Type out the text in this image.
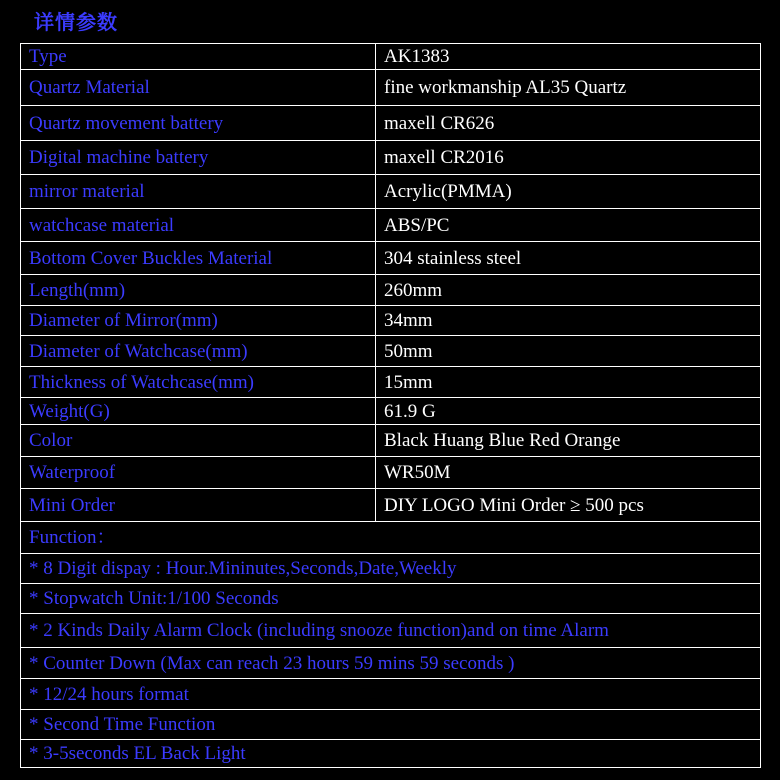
详情参数
Type	AK1383
Quartz Material	fine workmanship AL35 Quartz
Quartz movement battery	maxell CR626
Digital machine battery	maxell CR2016
mirror material	Acrylic(PMMA)
watchcase material	ABS/PC
Bottom Cover Buckles Material	304 stainless steel
Length(mm)	260mm
Diameter of Mirror(mm)	34mm
Diameter of Watchcase(mm)	50mm
Thickness of Watchcase(mm)	15mm
Weight(G)	61.9 G
Color	Black Huang Blue Red Orange
Waterproof	WR50M
Mini Order	DIY LOGO Mini Order ≥ 500 pcs
Function：	
* 8 Digit dispay : Hour.Mininutes,Seconds,Date,Weekly	
* Stopwatch Unit:1/100 Seconds	
* 2 Kinds Daily Alarm Clock (including snooze function)and on time Alarm	
* Counter Down (Max can reach 23 hours 59 mins 59 seconds )	
* 12/24 hours format	
* Second Time Function	
* 3-5seconds EL Back Light	
